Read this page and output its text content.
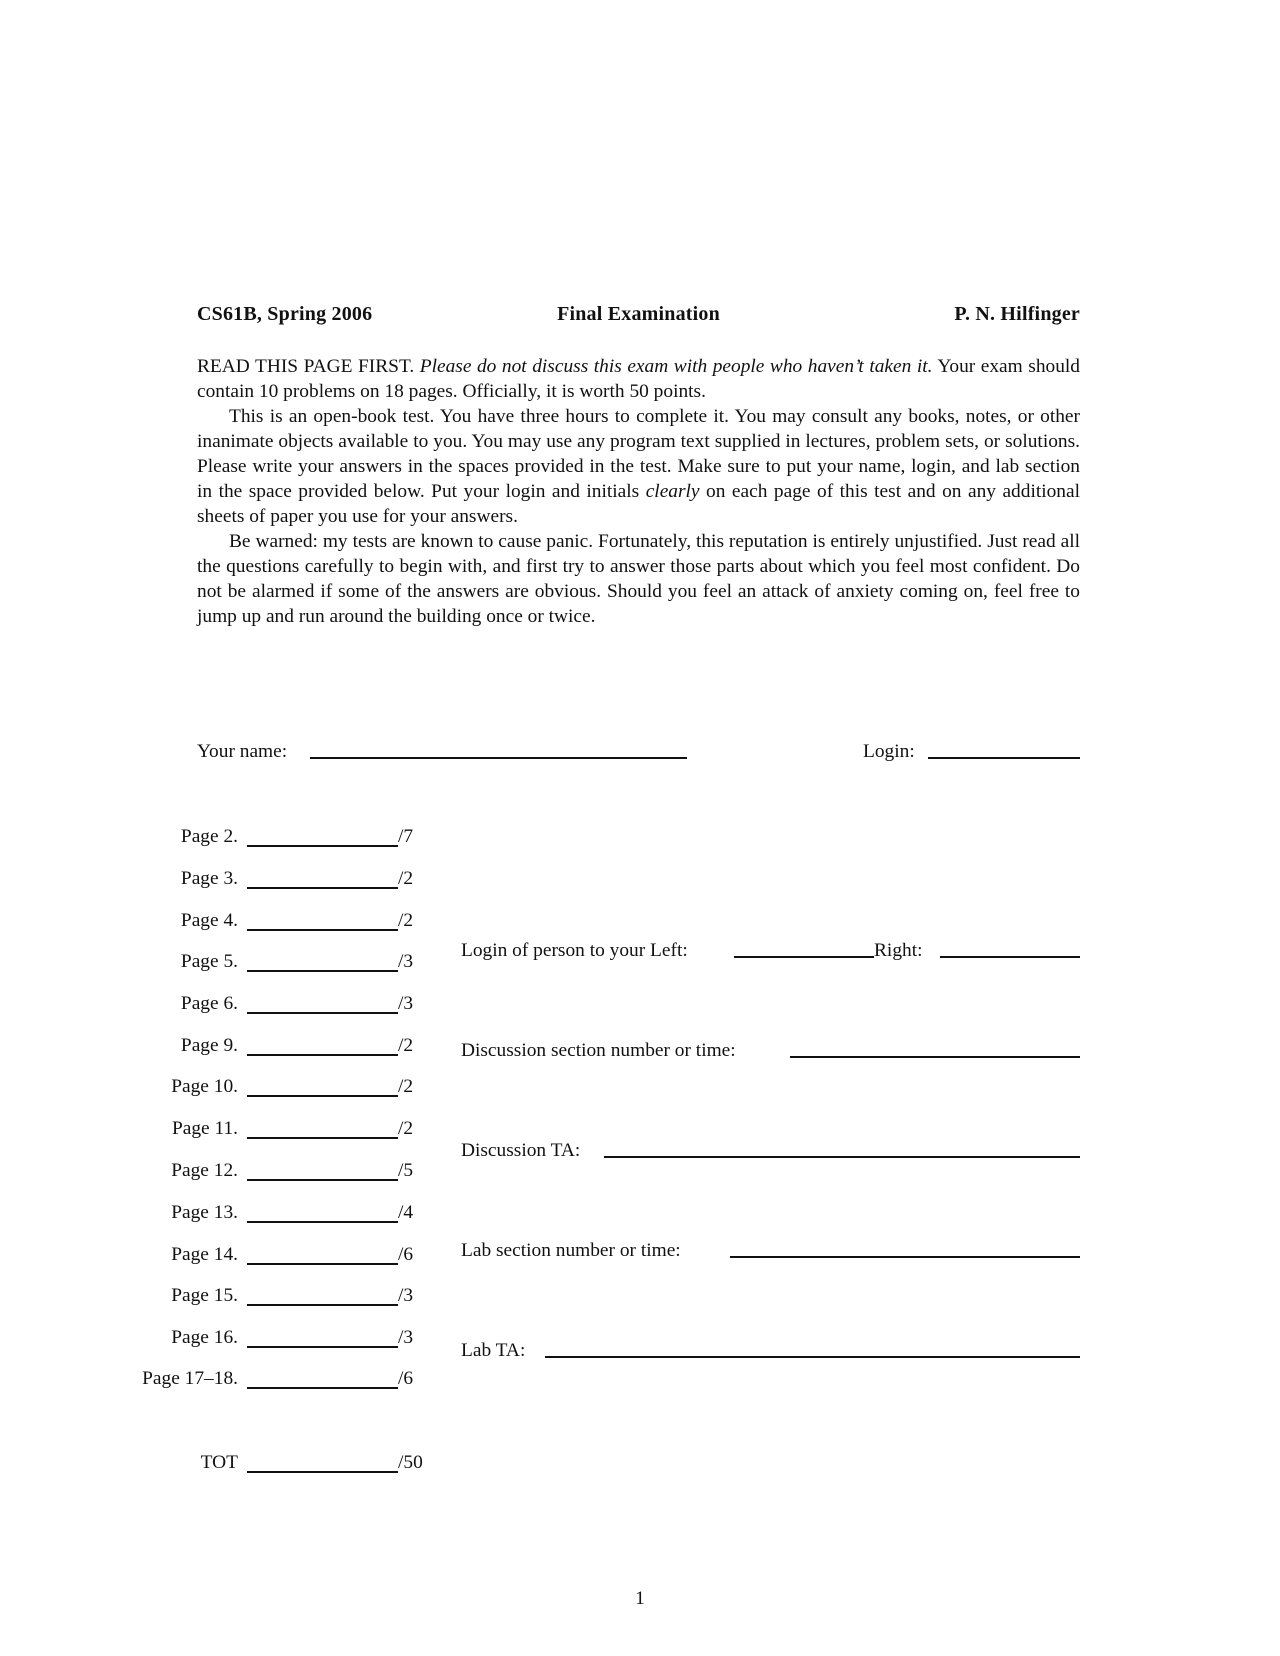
CS61B, Spring 2006	Final Examination	P. N. Hilfinger

READ THIS PAGE FIRST. Please do not discuss this exam with people who haven’t taken it. Your exam should contain 10 problems on 18 pages. Officially, it is worth 50 points.

This is an open-book test. You have three hours to complete it. You may consult any books, notes, or other inanimate objects available to you. You may use any program text supplied in lectures, problem sets, or solutions. Please write your answers in the spaces provided in the test. Make sure to put your name, login, and lab section in the space provided below. Put your login and initials clearly on each page of this test and on any additional sheets of paper you use for your answers.

Be warned: my tests are known to cause panic. Fortunately, this reputation is entirely unjustified. Just read all the questions carefully to begin with, and first try to answer those parts about which you feel most confident. Do not be alarmed if some of the answers are obvious. Should you feel an attack of anxiety coming on, feel free to jump up and run around the building once or twice.

Your name:	Login:
Page 2.	/7
Page 3.	/2
Page 4.	/2
Page 5.	/3
Page 6.	/3
Page 9.	/2
Page 10.	/2
Page 11.	/2
Page 12.	/5
Page 13.	/4
Page 14.	/6
Page 15.	/3
Page 16.	/3
Page 17–18.	/6
TOT	/50
Login of person to your Left:	Right:
Discussion section number or time:
Discussion TA:
Lab section number or time:
Lab TA:
1
